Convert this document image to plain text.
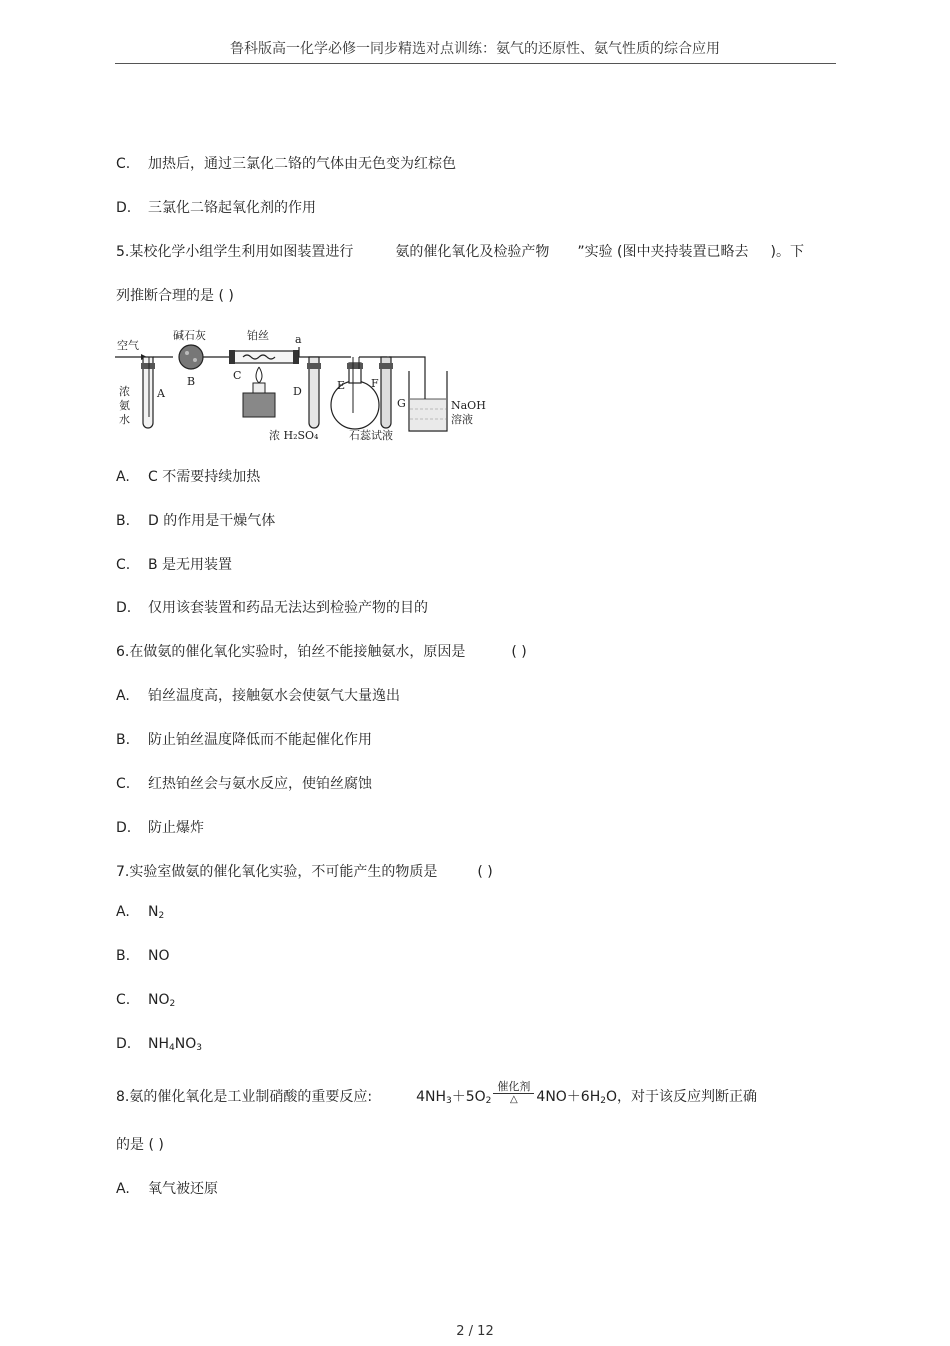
鲁科版高一化学必修一同步精选对点训练：氨气的还原性、氨气性质的综合应用
C. 加热后，通过三氯化二铬的气体由无色变为红棕色
D. 三氯化二铬起氧化剂的作用
5.某校化学小组学生利用如图装置进行	氨的催化氧化及检验产物 ”实验 (图中夹持装置已略去 )。下
列推断合理的是 ( )
空气
A
浓
氨
水
碱石灰
B
铂丝
C
a
D
浓 H₂SO₄
E F
石蕊试液
G	NaOH
溶液
A. C 不需要持续加热
B. D 的作用是干燥气体
C. B 是无用装置
D. 仅用该套装置和药品无法达到检验产物的目的
6.在做氨的催化氧化实验时，铂丝不能接触氨水，原因是	( )
A. 铂丝温度高，接触氨水会使氨气大量逸出
B. 防止铂丝温度降低而不能起催化作用
C. 红热铂丝会与氨水反应，使铂丝腐蚀
D. 防止爆炸
7.实验室做氨的催化氧化实验，不可能产生的物质是	( )
A. $N_2$
B. NO
C. $NO_2$
D. $NH_4NO_3$
8.氨的催化氧化是工业制硝酸的重要反应:	$4NH_3+5O_2 \frac{\text{催化剂}}{\triangle} 4NO+6H_2O$，对于该反应判断正确
的是 ( )
A. 氧气被还原
2 / 12
